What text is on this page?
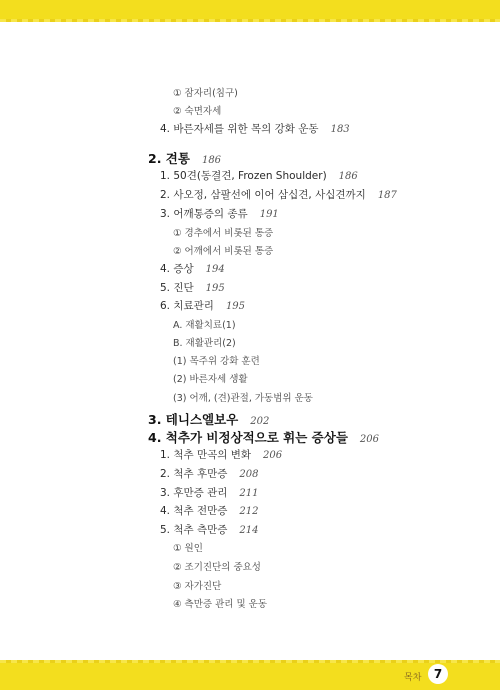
① 잠자리(침구)
② 숙면자세
4. 바른자세를 위한 목의 강화 운동 183
2. 견통 186
1. 50견(동결견, Frozen Shoulder) 186
2. 사오정, 삼팔선에 이어 삼십견, 사십견까지 187
3. 어깨통증의 종류 191
① 경추에서 비롯된 통증
② 어깨에서 비롯된 통증
4. 증상 194
5. 진단 195
6. 치료관리 195
A. 재활치료(1)
B. 재활관리(2)
(1) 목주위 강화 훈련
(2) 바른자세 생활
(3) 어깨, (견)관절, 가동범위 운동
3. 테니스엘보우 202
4. 척추가 비정상적으로 휘는 증상들 206
1. 척추 만곡의 변화 206
2. 척추 후만증 208
3. 후만증 관리 211
4. 척추 전만증 212
5. 척추 측만증 214
① 원인
② 조기진단의 중요성
③ 자가진단
④ 측만증 관리 및 운동
목차	7
